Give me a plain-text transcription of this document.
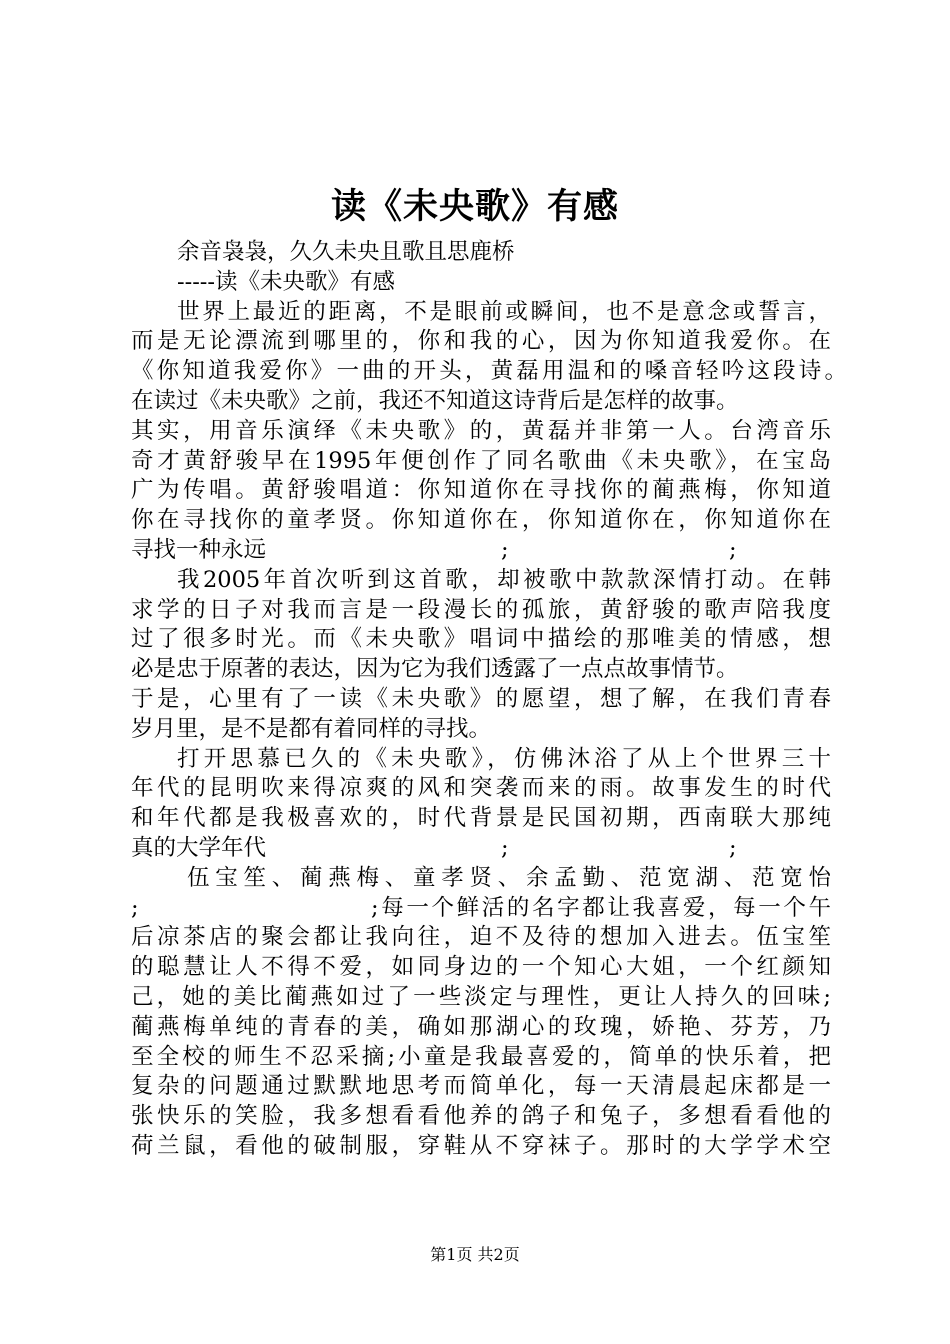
读《未央歌》有感
余音袅袅，久久未央且歌且思鹿桥
-----读《未央歌》有感
世界上最近的距离，不是眼前或瞬间，也不是意念或誓言，
而是无论漂流到哪里的，你和我的心，因为你知道我爱你。在
《你知道我爱你》一曲的开头，黄磊用温和的嗓音轻吟这段诗。
在读过《未央歌》之前，我还不知道这诗背后是怎样的故事。
其实，用音乐演绎《未央歌》的，黄磊并非第一人。台湾音乐
奇才黄舒骏早在1995年便创作了同名歌曲《未央歌》，在宝岛
广为传唱。黄舒骏唱道：你知道你在寻找你的蔺燕梅，你知道
你在寻找你的童孝贤。你知道你在，你知道你在，你知道你在
寻找一种永远	;	;
我2005年首次听到这首歌，却被歌中款款深情打动。在韩
求学的日子对我而言是一段漫长的孤旅，黄舒骏的歌声陪我度
过了很多时光。而《未央歌》唱词中描绘的那唯美的情感，想
必是忠于原著的表达，因为它为我们透露了一点点故事情节。
于是，心里有了一读《未央歌》的愿望，想了解，在我们青春
岁月里，是不是都有着同样的寻找。
打开思慕已久的《未央歌》，仿佛沐浴了从上个世界三十
年代的昆明吹来得凉爽的风和突袭而来的雨。故事发生的时代
和年代都是我极喜欢的，时代背景是民国初期，西南联大那纯
真的大学年代	;	;
伍宝笙、蔺燕梅、童孝贤、余孟勤、范宽湖、范宽怡
;	;每一个鲜活的名字都让我喜爱，每一个午
后凉茶店的聚会都让我向往，迫不及待的想加入进去。伍宝笙
的聪慧让人不得不爱，如同身边的一个知心大姐，一个红颜知
己，她的美比蔺燕如过了一些淡定与理性，更让人持久的回味;
蔺燕梅单纯的青春的美，确如那湖心的玫瑰，娇艳、芬芳，乃
至全校的师生不忍采摘;小童是我最喜爱的，简单的快乐着，把
复杂的问题通过默默地思考而简单化，每一天清晨起床都是一
张快乐的笑脸，我多想看看他养的鸽子和兔子，多想看看他的
荷兰鼠，看他的破制服，穿鞋从不穿袜子。那时的大学学术空
第1页 共2页
